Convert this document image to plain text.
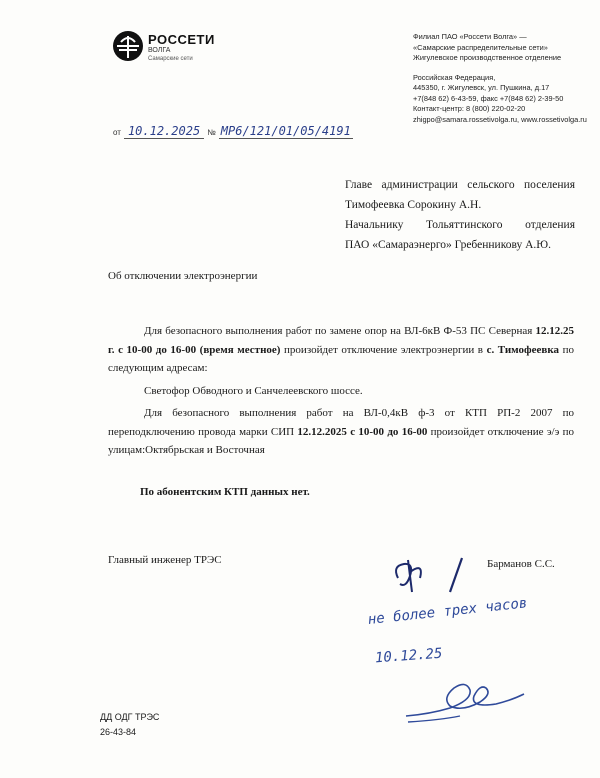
РОССЕТИ
ВОЛГА
Самарские сети
Филиал ПАО «Россети Волга» —
«Самарские распределительные сети»
Жигулевское производственное отделение
Российская Федерация,
445350, г. Жигулевск, ул. Пушкина, д.17
+7(848 62) 6-43-59, факс +7(848 62) 2-39-50
Контакт-центр: 8 (800) 220-02-20
zhigpo@samara.rossetivolga.ru, www.rossetivolga.ru
от 10.12.2025 № МР6/121/01/05/4191
Главе администрации сельского поселения
Тимофеевка Сорокину А.Н.
Начальнику Тольяттинского отделения
ПАО «Самараэнерго» Гребенникову А.Ю.
Об отключении электроэнергии

Для безопасного выполнения работ по замене опор на ВЛ-6кВ Ф-53 ПС Северная 12.12.25 г. с 10-00 до 16-00 (время местное) произойдет отключение электроэнергии в с. Тимофеевка по следующим адресам:

Светофор Обводного и Санчелеевского шоссе.

Для безопасного выполнения работ на ВЛ-0,4кВ ф-3 от КТП РП-2 2007 по переподключению провода марки СИП 12.12.2025 с 10-00 до 16-00 произойдет отключение э/э по улицам:Октябрьская и Восточная

По абонентским КТП данных нет.
Главный инженер ТРЭС	Барманов С.С.
не более трех часов
10.12.25
ДД ОДГ ТРЭС
26-43-84
